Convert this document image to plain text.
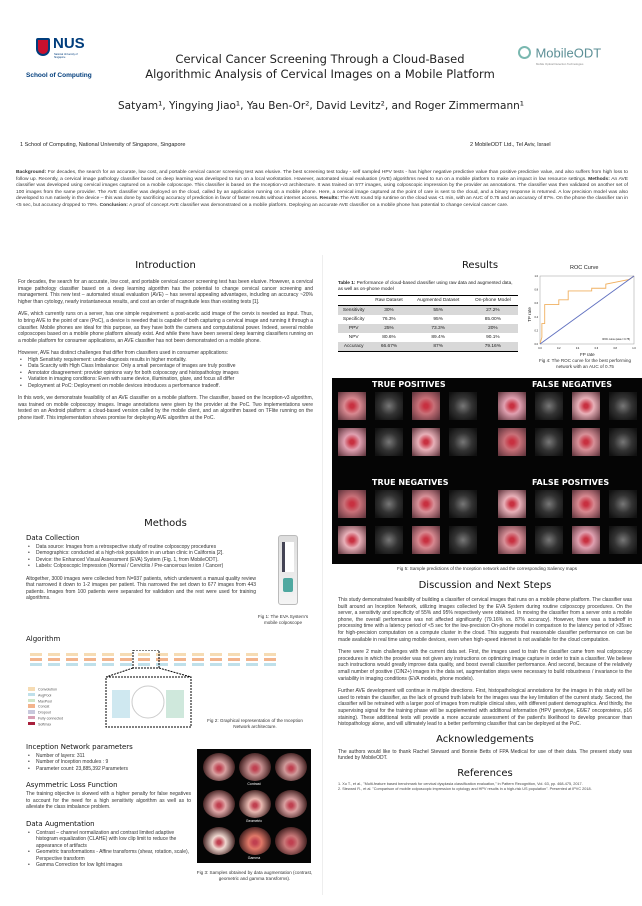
NUS
National University of Singapore
School of Computing
Cervical Cancer Screening Through a Cloud-Based
Algorithmic Analysis of Cervical Images on a Mobile Platform
MobileODT
Mobile Optical Detection Technologies
Satyam¹, Yingying Jiao¹, Yau Ben-Or², David Levitz², and Roger Zimmermann¹
1 School of Computing, National University of Singapore, Singapore	2 MobileODT Ltd., Tel Aviv, Israel
Background: For decades, the search for an accurate, low cost, and portable cervical cancer screening test was elusive. The best screening test today - self sampled HPV tests - has higher negative predictive value than positive predictive value, and also suffers from high loss to follow up. Recently, a cervical image pathology classifier based on deep learning was developed to run on a local workstation. However, automated visual evaluation (AVE) algorithms need to run on a mobile platform to make an impact in low resource settings. Methods: An AVE classifier was developed using cervical images captured on a mobile colposcope. This classifier is based on the Inception-v3 architecture. It was trained on 577 images, using colposcopic impression by the provider as annotations. The classifier was then validated on another set of 100 images from the same provider. The AVE classifier was deployed on the cloud, called by an application running on a mobile phone. Here, a cervical image captured at the point of care is sent to the cloud, and a binary response is returned. A low precision model was also developed to run natively in the device – this was done by sacrificing accuracy of prediction in favor of faster results without internet access. Results: The AVE round trip runtime on the cloud was <1 min, with an AUC of 0.75 and an accuracy of 87%. On the phone the classifier ran in <5 sec, but accuracy dropped to 79%. Conclusion: A proof of concept AVE classifier was demonstrated on a mobile platform. Deploying an accurate AVE classifier on a mobile phone has potential to change cervical cancer care.
Introduction

For decades, the search for an accurate, low cost, and portable cervical cancer screening test has been elusive. However, a cervical image pathology classifier based on a deep learning algorithm has the potential to change cervical cancer screening and management. This new test – automated visual evaluation (AVE) – has several appealing advantages, including an accuracy ~20% higher than cytology, nearly instantaneous results, and cost an order of magnitude less than existing tests [1].

AVE, which currently runs on a server, has one simple requirement: a post-acetic acid image of the cervix is needed as input. Thus, to bring AVE to the point of care (PoC), a device is needed that is capable of both capturing a cervical image and running it through a classifier. Mobile phones are ideal for this purpose, as they have both the camera and computational power. Indeed, several mobile colposcopes based on a mobile phone platform already exist. And while there have been several deep learning classifiers running on a mobile platform for consumer applications, an AVE classifier has not been demonstrated on a mobile phone.

However, AVE has distinct challenges that differ from classifiers used in consumer applications:

• High Sensitivity requirement: under-diagnosis results in higher mortality.
• Data Scarcity with High Class Imbalance: Only a small percentage of images are truly positive
• Annotator disagreement: provider opinions vary for both colposcopy and histopathology images
• Variation in imaging conditions: Even with same device, illumination, glare, and focus all differ
• Deployment at PoC: Deployment on mobile devices introduces a performance tradeoff.

In this work, we demonstrate feasibility of an AVE classifier on a mobile platform. The classifier, based on the Inception-v3 algorithm, was trained on mobile colposcopy images. Image annotations were given by the provider at the PoC. Two implementations were tested on an Android platform: a cloud-based version called by the mobile client, and an algorithm based on TFlite running on the phone itself. This implementation shows promise for deploying AVE algorithm at the PoC.

Methods
Data Collection
• Data source: Images from a retrospective study of routine colposcopy procedures
• Demographics: conducted at a high-risk population in an urban clinic in California [2].
• Device: the Enhanced Visual Assessment (EVA) System (Fig. 1, from MobileODT).
• Labels: Colposcopic Impression (Normal / Cervicitis / Pre-cancerous lesion / Cancer)
Altogether, 3000 images were collected from N=937 patients, which underwent a manual quality review that narrowed it down to 1-2 images per patient. This narrowed the set down to 677 images from 443 patients. Images from 100 patients were separated for validation and the rest were used for training algorithms.
Fig 1: The EVA System's mobile colposcope
Algorithm
Convolution
AvgPool
MaxPool
Concat
Dropout
Fully connected
Softmax
Fig 2: Graphical representation of the Inception Network architecture.
Inception Network parameters
• Number of layers: 311
• Number of Inception modules : 9
• Parameter count: 23,885,392 Parameters
Asymmetric Loss Function
The training objective is skewed with a higher penalty for false negatives to account for the need for a high sensitivity algorithm as well as to alleviate the class imbalance problem.
Data Augmentation
• Contrast – channel normalization and contrast limited adaptive histogram equalization (CLAHE) with low clip limit to reduce the appearance of artifacts
• Geometric transformations - Affine transforms (shear, rotation, scale), Perspective transform
• Gamma Correction for low light images
Contrast
Geometric
Gamma
Fig 3: Samples obtained by data augmentation (contrast, geometric and gamma transforms).
Results
Table 1: Performance of cloud-based classifier using raw data and augmented data, as well as on-phone model
	Raw Dataset	Augmented Dataset	On-phone Model
Sensitivity	30%	55%	27.2%
Specificity	76.3%	95%	85.00%
PPV	25%	73.3%	20%
NPV	80.6%	89.4%	90.1%
Accuracy	66.67%	87%	79.16%
ROC Curve
0.0
0.0
0.2
0.2
0.4
0.4
0.6
0.6
0.8
0.8
1.0
1.0
ROC curve (area = 0.75)
FP rate
TP rate
Fig 4: The ROC curve for the best performing network with an AUC of 0.75
TRUE POSITIVES	FALSE NEGATIVES
TRUE NEGATIVES	FALSE POSITIVES
Fig 5: Sample predictions of the Inception network and the corresponding Saliency maps
Discussion and Next Steps

This study demonstrated feasibility of building a classifier of cervical images that runs on a mobile phone platform. The classifier was built around an Inception Network, utilizing images collected by the EVA System during routine colposcopy procedures. On the server, a sensitivity and specificity of 55% and 95% respectively were obtained. In moving the classifier from a server onto a mobile phone, the overall performance was not affected significantly (79.16% vs. 87% accuracy). However, there was a tradeoff in processing time with a latency period of <5 sec for the low-precision On-phone model in comparison to the latency period of >35sec for high-precision computation on a compute cluster in the cloud. This suggests that reasonable classifier performance on can be made available in real time using mobile devices, even when high-speed internet is not available for the cloud computation.

There were 2 main challenges with the current data set. First, the images used to train the classifier came from real colposcopy procedures in which the provider was not given any instructions on optimizing image capture in order to train a classifier. We believe such instructions would greatly improve data quality, and boost overall classifier performance. And second, because of the relatively small number of positive (CIN2+) images in the data set, augmentation steps were necessary to build robustness / invariance to the variability in imaging conditions (EVA models, phone models).

Further AVE development will continue in multiple directions. First, histopathological annotations for the images in this study will be used to retrain the classifier, as the lack of ground truth labels for the images was the key limitation of the current study. Second, the classifier will be retrained with a larger pool of images from multiple clinical sites, with different patient demographics. And thirdly, the supervising signal for the training phase will be supplemented with additional information (HPV genotype, E6/E7 oncoproteins, p16 staining). These additional tests will provide a more accurate assessment of the patient's likelihood to develop precancer than histopathology alone, and will ultimately lead to a better performing classifier that can be deployed at the PoC.

Acknowledgements
The authors would like to thank Rachel Steward and Bonnie Betts of FPA Medical for use of their data. The present study was funded by MobileODT.
References
1. Xu T., et al., "Multi-feature based benchmark for cervical dysplasia classification evaluation," in Pattern Recognition, Vol. 63, pp. 468-475, 2017.
2. Steward R., et al. "Comparison of mobile colposcopic impression to cytology and HPV results in a high-risk US population". Presented at IPVC 2018.
